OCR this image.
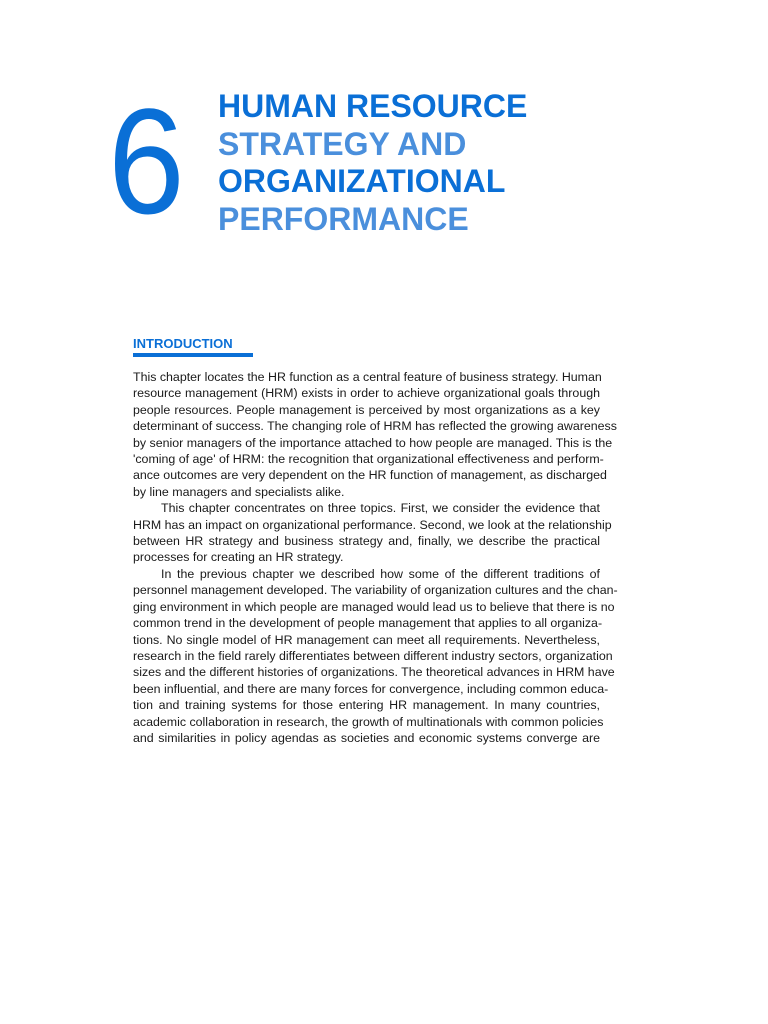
6 HUMAN RESOURCE
STRATEGY AND
ORGANIZATIONAL
PERFORMANCE
INTRODUCTION

This chapter locates the HR function as a central feature of business strategy. Human
resource management (HRM) exists in order to achieve organizational goals through
people resources. People management is perceived by most organizations as a key
determinant of success. The changing role of HRM has reflected the growing awareness
by senior managers of the importance attached to how people are managed. This is the
'coming of age' of HRM: the recognition that organizational effectiveness and perform-
ance outcomes are very dependent on the HR function of management, as discharged
by line managers and specialists alike.

This chapter concentrates on three topics. First, we consider the evidence that
HRM has an impact on organizational performance. Second, we look at the relationship
between HR strategy and business strategy and, finally, we describe the practical
processes for creating an HR strategy.

In the previous chapter we described how some of the different traditions of
personnel management developed. The variability of organization cultures and the chan-
ging environment in which people are managed would lead us to believe that there is no
common trend in the development of people management that applies to all organiza-
tions. No single model of HR management can meet all requirements. Nevertheless,
research in the field rarely differentiates between different industry sectors, organization
sizes and the different histories of organizations. The theoretical advances in HRM have
been influential, and there are many forces for convergence, including common educa-
tion and training systems for those entering HR management. In many countries,
academic collaboration in research, the growth of multinationals with common policies
and similarities in policy agendas as societies and economic systems converge are
